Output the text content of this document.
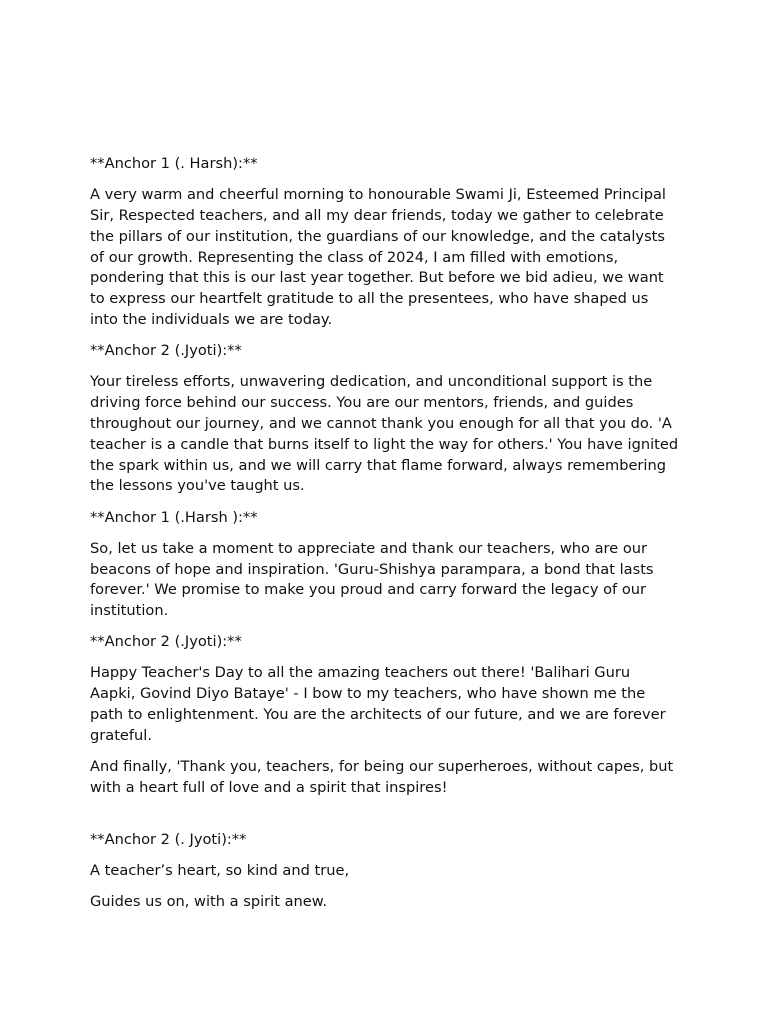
**Anchor 1 (. Harsh):**

A very warm and cheerful morning to honourable Swami Ji, Esteemed Principal Sir, Respected teachers, and all my dear friends, today we gather to celebrate the pillars of our institution, the guardians of our knowledge, and the catalysts of our growth. Representing the class of 2024, I am filled with emotions, pondering that this is our last year together. But before we bid adieu, we want to express our heartfelt gratitude to all the presentees, who have shaped us into the individuals we are today.

**Anchor 2 (.Jyoti):**

Your tireless efforts, unwavering dedication, and unconditional support is the driving force behind our success. You are our mentors, friends, and guides throughout our journey, and we cannot thank you enough for all that you do. 'A teacher is a candle that burns itself to light the way for others.' You have ignited the spark within us, and we will carry that flame forward, always remembering the lessons you've taught us.

**Anchor 1 (.Harsh ):**

So, let us take a moment to appreciate and thank our teachers, who are our beacons of hope and inspiration. 'Guru-Shishya parampara, a bond that lasts forever.' We promise to make you proud and carry forward the legacy of our institution.

**Anchor 2 (.Jyoti):**

Happy Teacher's Day to all the amazing teachers out there! 'Balihari Guru Aapki, Govind Diyo Bataye' - I bow to my teachers, who have shown me the path to enlightenment. You are the architects of our future, and we are forever grateful.

And finally, 'Thank you, teachers, for being our superheroes, without capes, but with a heart full of love and a spirit that inspires!

**Anchor 2 (. Jyoti):**

A teacher’s heart, so kind and true,

Guides us on, with a spirit anew.
